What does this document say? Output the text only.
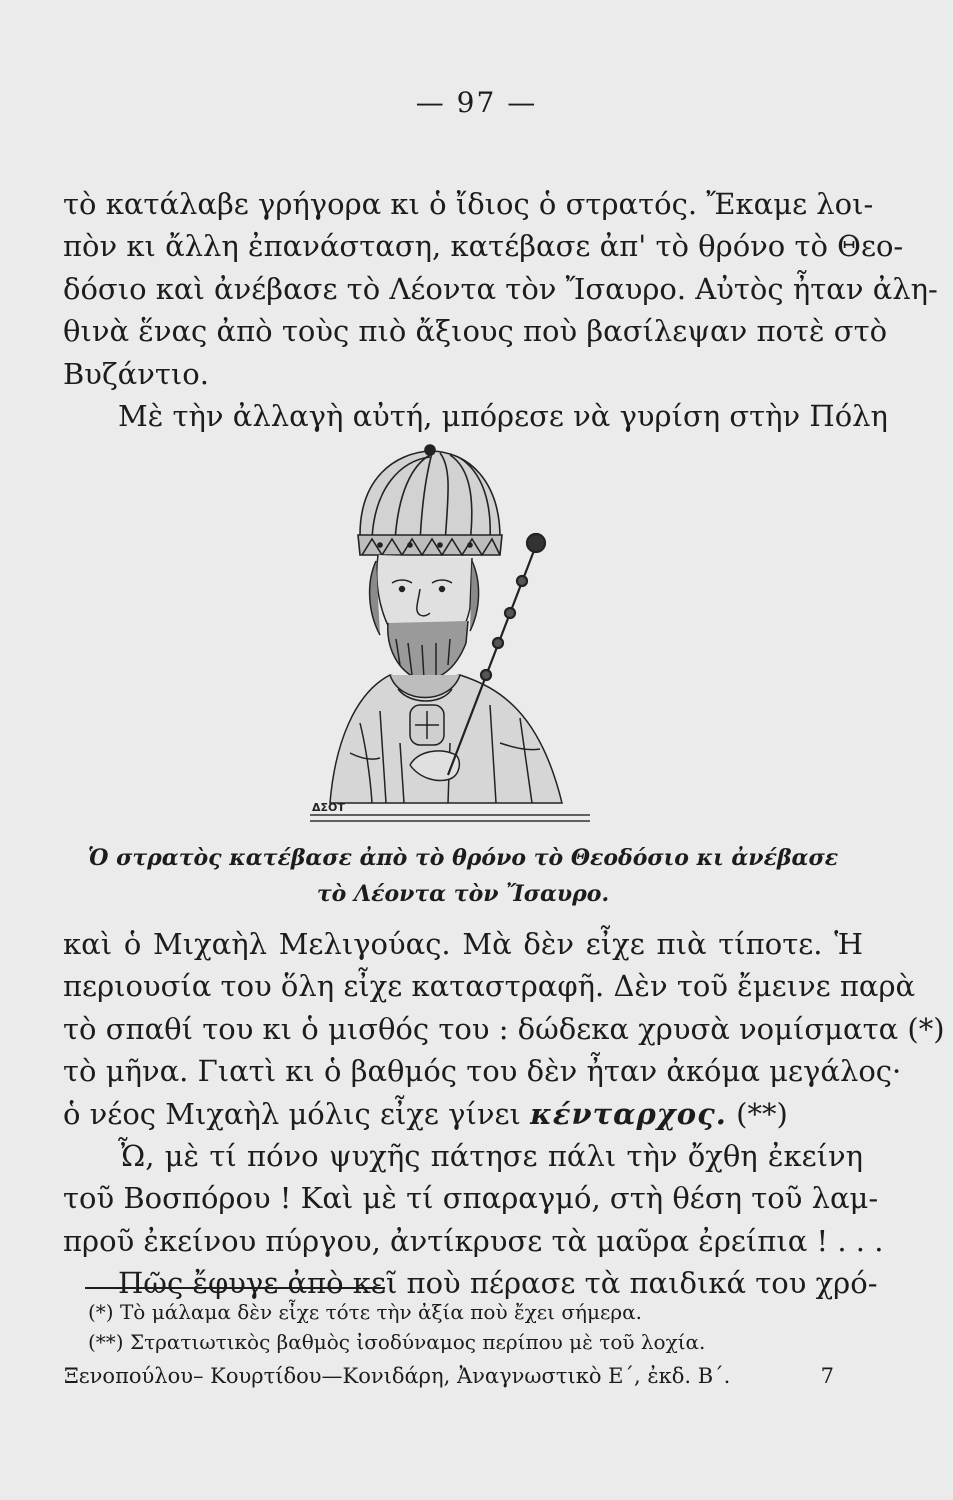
— 97 —
τὸ κατάλαβε γρήγορα κι ὁ ἴδιος ὁ στρατός. Ἔκαμε λοι-
πὸν κι ἄλλη ἐπανάσταση, κατέβασε ἀπ' τὸ θρόνο τὸ Θεο-
δόσιο καὶ ἀνέβασε τὸ Λέοντα τὸν Ἴσαυρο. Αὐτὸς ἦταν ἀλη-
θινὰ ἕνας ἀπὸ τοὺς πιὸ ἄξιους ποὺ βασίλεψαν ποτὲ στὸ
Βυζάντιο.
Μὲ τὴν ἀλλαγὴ αὐτή, μπόρεσε νὰ γυρίση στὴν Πόλη
ΔΣΟΤ
Ὁ στρατὸς κατέβασε ἀπὸ τὸ θρόνο τὸ Θεοδόσιο κι ἀνέβασε
τὸ Λέοντα τὸν Ἴσαυρο.
καὶ ὁ Μιχαὴλ Μελιγούας. Μὰ δὲν εἶχε πιὰ τίποτε. Ἡ
περιουσία του ὅλη εἶχε καταστραφῆ. Δὲν τοῦ ἔμεινε παρὰ
τὸ σπαθί του κι ὁ μισθός του : δώδεκα χρυσὰ νομίσματα (*)
τὸ μῆνα. Γιατὶ κι ὁ βαθμός του δὲν ἦταν ἀκόμα μεγάλος·
ὁ νέος Μιχαὴλ μόλις εἶχε γίνει κένταρχος. (**)
Ὦ, μὲ τί πόνο ψυχῆς πάτησε πάλι τὴν ὄχθη ἐκείνη
τοῦ Βοσπόρου ! Καὶ μὲ τί σπαραγμό, στὴ θέση τοῦ λαμ-
προῦ ἐκείνου πύργου, ἀντίκρυσε τὰ μαῦρα ἐρείπια ! . . .
Πῶς ἔφυγε ἀπὸ κεῖ ποὺ πέρασε τὰ παιδικά του χρό-
(*) Τὸ μάλαμα δὲν εἶχε τότε τὴν ἀξία ποὺ ἔχει σήμερα.
(**) Στρατιωτικὸς βαθμὸς ἰσοδύναμος περίπου μὲ τοῦ λοχία.
Ξενοπούλου– Κουρτίδου—Κονιδάρη, Ἀναγνωστικὸ Ε΄, ἐκδ. Β΄.	7
